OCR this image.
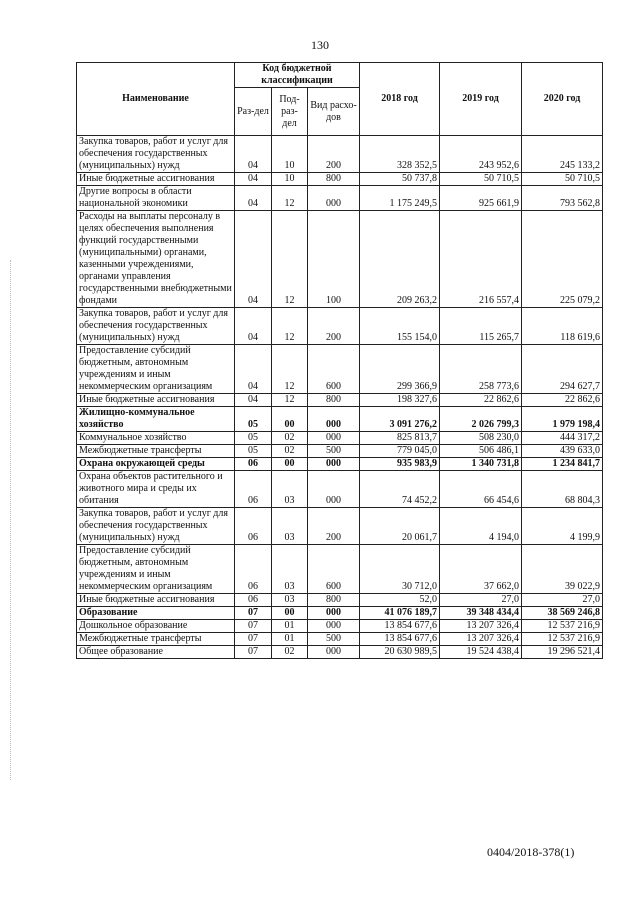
130
Наименование	Код бюджетной классификации			2018 год	2019 год	2020 год
	Раз-дел	Под-раз-дел	Вид расхо-дов			
Закупка товаров, работ и услуг для обеспечения государственных (муниципальных) нужд	04	10	200	328 352,5	243 952,6	245 133,2
Иные бюджетные ассигнования	04	10	800	50 737,8	50 710,5	50 710,5
Другие вопросы в области национальной экономики	04	12	000	1 175 249,5	925 661,9	793 562,8
Расходы на выплаты персоналу в целях обеспечения выполнения функций государственными (муниципальными) органами, казенными учреждениями, органами управления государственными внебюджетными фондами	04	12	100	209 263,2	216 557,4	225 079,2
Закупка товаров, работ и услуг для обеспечения государственных (муниципальных) нужд	04	12	200	155 154,0	115 265,7	118 619,6
Предоставление субсидий бюджетным, автономным учреждениям и иным некоммерческим организациям	04	12	600	299 366,9	258 773,6	294 627,7
Иные бюджетные ассигнования	04	12	800	198 327,6	22 862,6	22 862,6
Жилищно-коммунальное хозяйство	05	00	000	3 091 276,2	2 026 799,3	1 979 198,4
Коммунальное хозяйство	05	02	000	825 813,7	508 230,0	444 317,2
Межбюджетные трансферты	05	02	500	779 045,0	506 486,1	439 633,0
Охрана окружающей среды	06	00	000	935 983,9	1 340 731,8	1 234 841,7
Охрана объектов растительного и животного мира и среды их обитания	06	03	000	74 452,2	66 454,6	68 804,3
Закупка товаров, работ и услуг для обеспечения государственных (муниципальных) нужд	06	03	200	20 061,7	4 194,0	4 199,9
Предоставление субсидий бюджетным, автономным учреждениям и иным некоммерческим организациям	06	03	600	30 712,0	37 662,0	39 022,9
Иные бюджетные ассигнования	06	03	800	52,0	27,0	27,0
Образование	07	00	000	41 076 189,7	39 348 434,4	38 569 246,8
Дошкольное образование	07	01	000	13 854 677,6	13 207 326,4	12 537 216,9
Межбюджетные трансферты	07	01	500	13 854 677,6	13 207 326,4	12 537 216,9
Общее образование	07	02	000	20 630 989,5	19 524 438,4	19 296 521,4
0404/2018-378(1)
